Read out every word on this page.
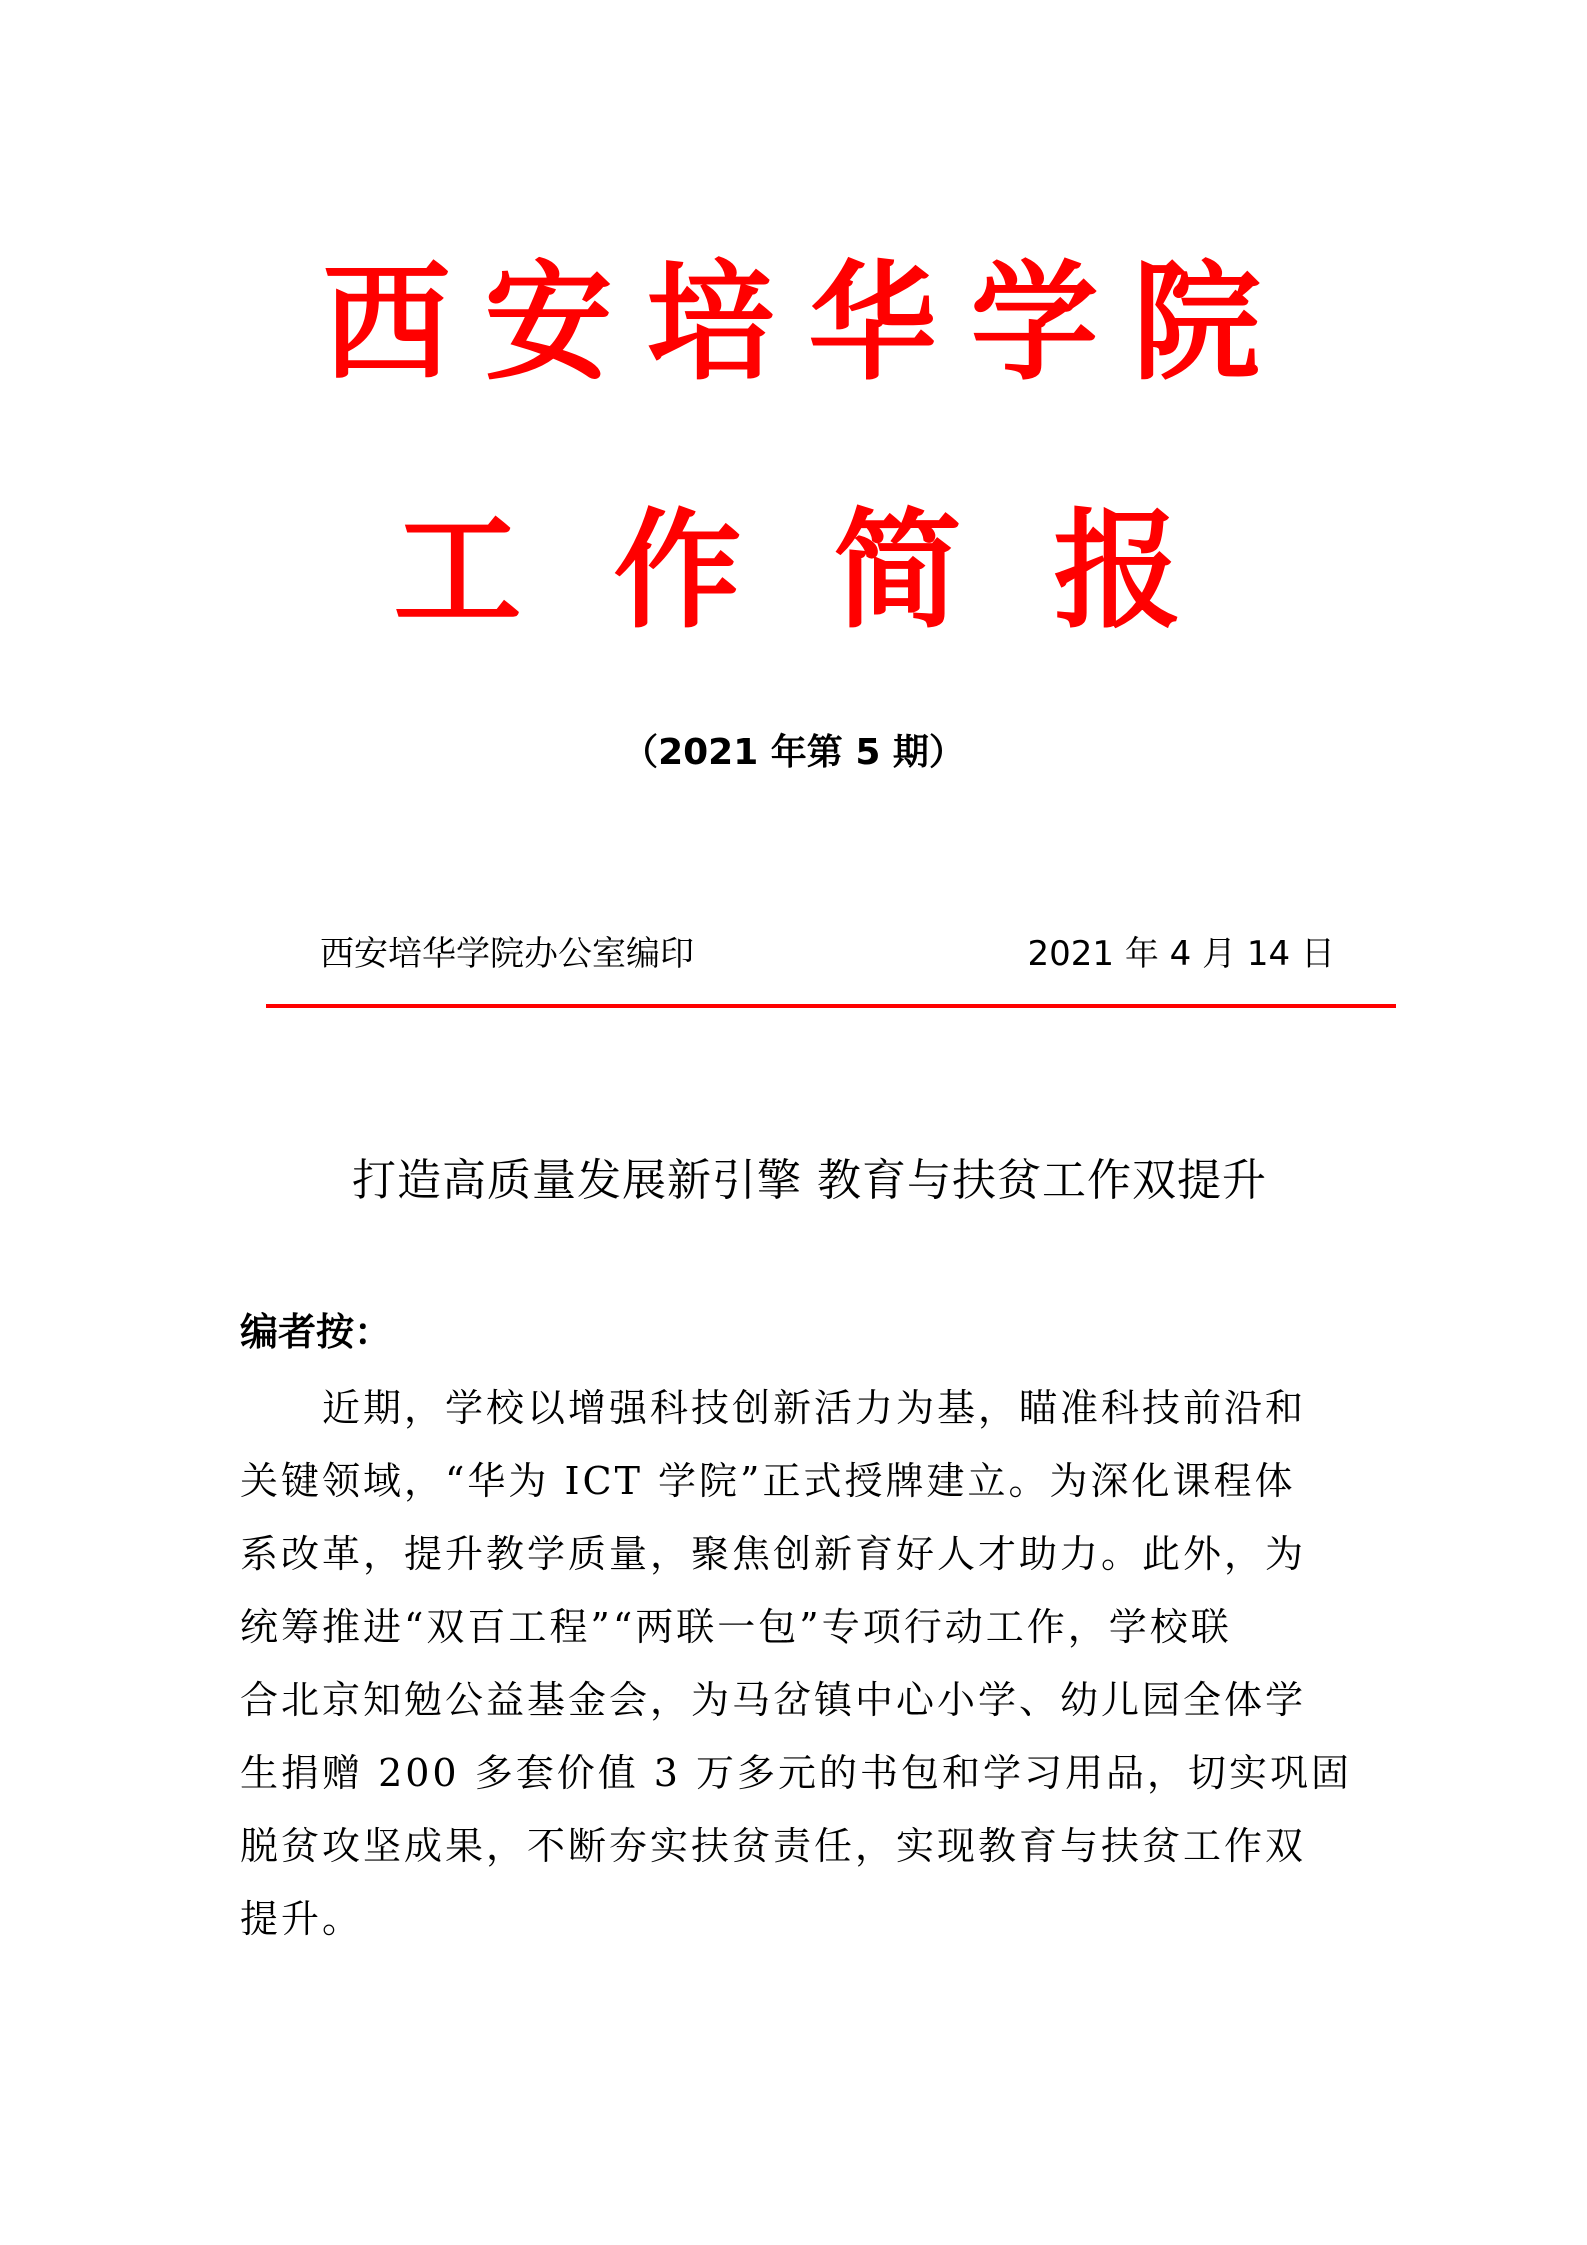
西安培华学院
工作简报
（2021 年第 5 期）
西安培华学院办公室编印	2021 年 4 月 14 日
打造高质量发展新引擎 教育与扶贫工作双提升
编者按：
近期，学校以增强科技创新活力为基，瞄准科技前沿和
关键领域，“华为 ICT 学院”正式授牌建立。为深化课程体
系改革，提升教学质量，聚焦创新育好人才助力。此外，为
统筹推进“双百工程”“两联一包”专项行动工作，学校联
合北京知勉公益基金会，为马岔镇中心小学、幼儿园全体学
生捐赠 200 多套价值 3 万多元的书包和学习用品，切实巩固
脱贫攻坚成果，不断夯实扶贫责任，实现教育与扶贫工作双
提升。
